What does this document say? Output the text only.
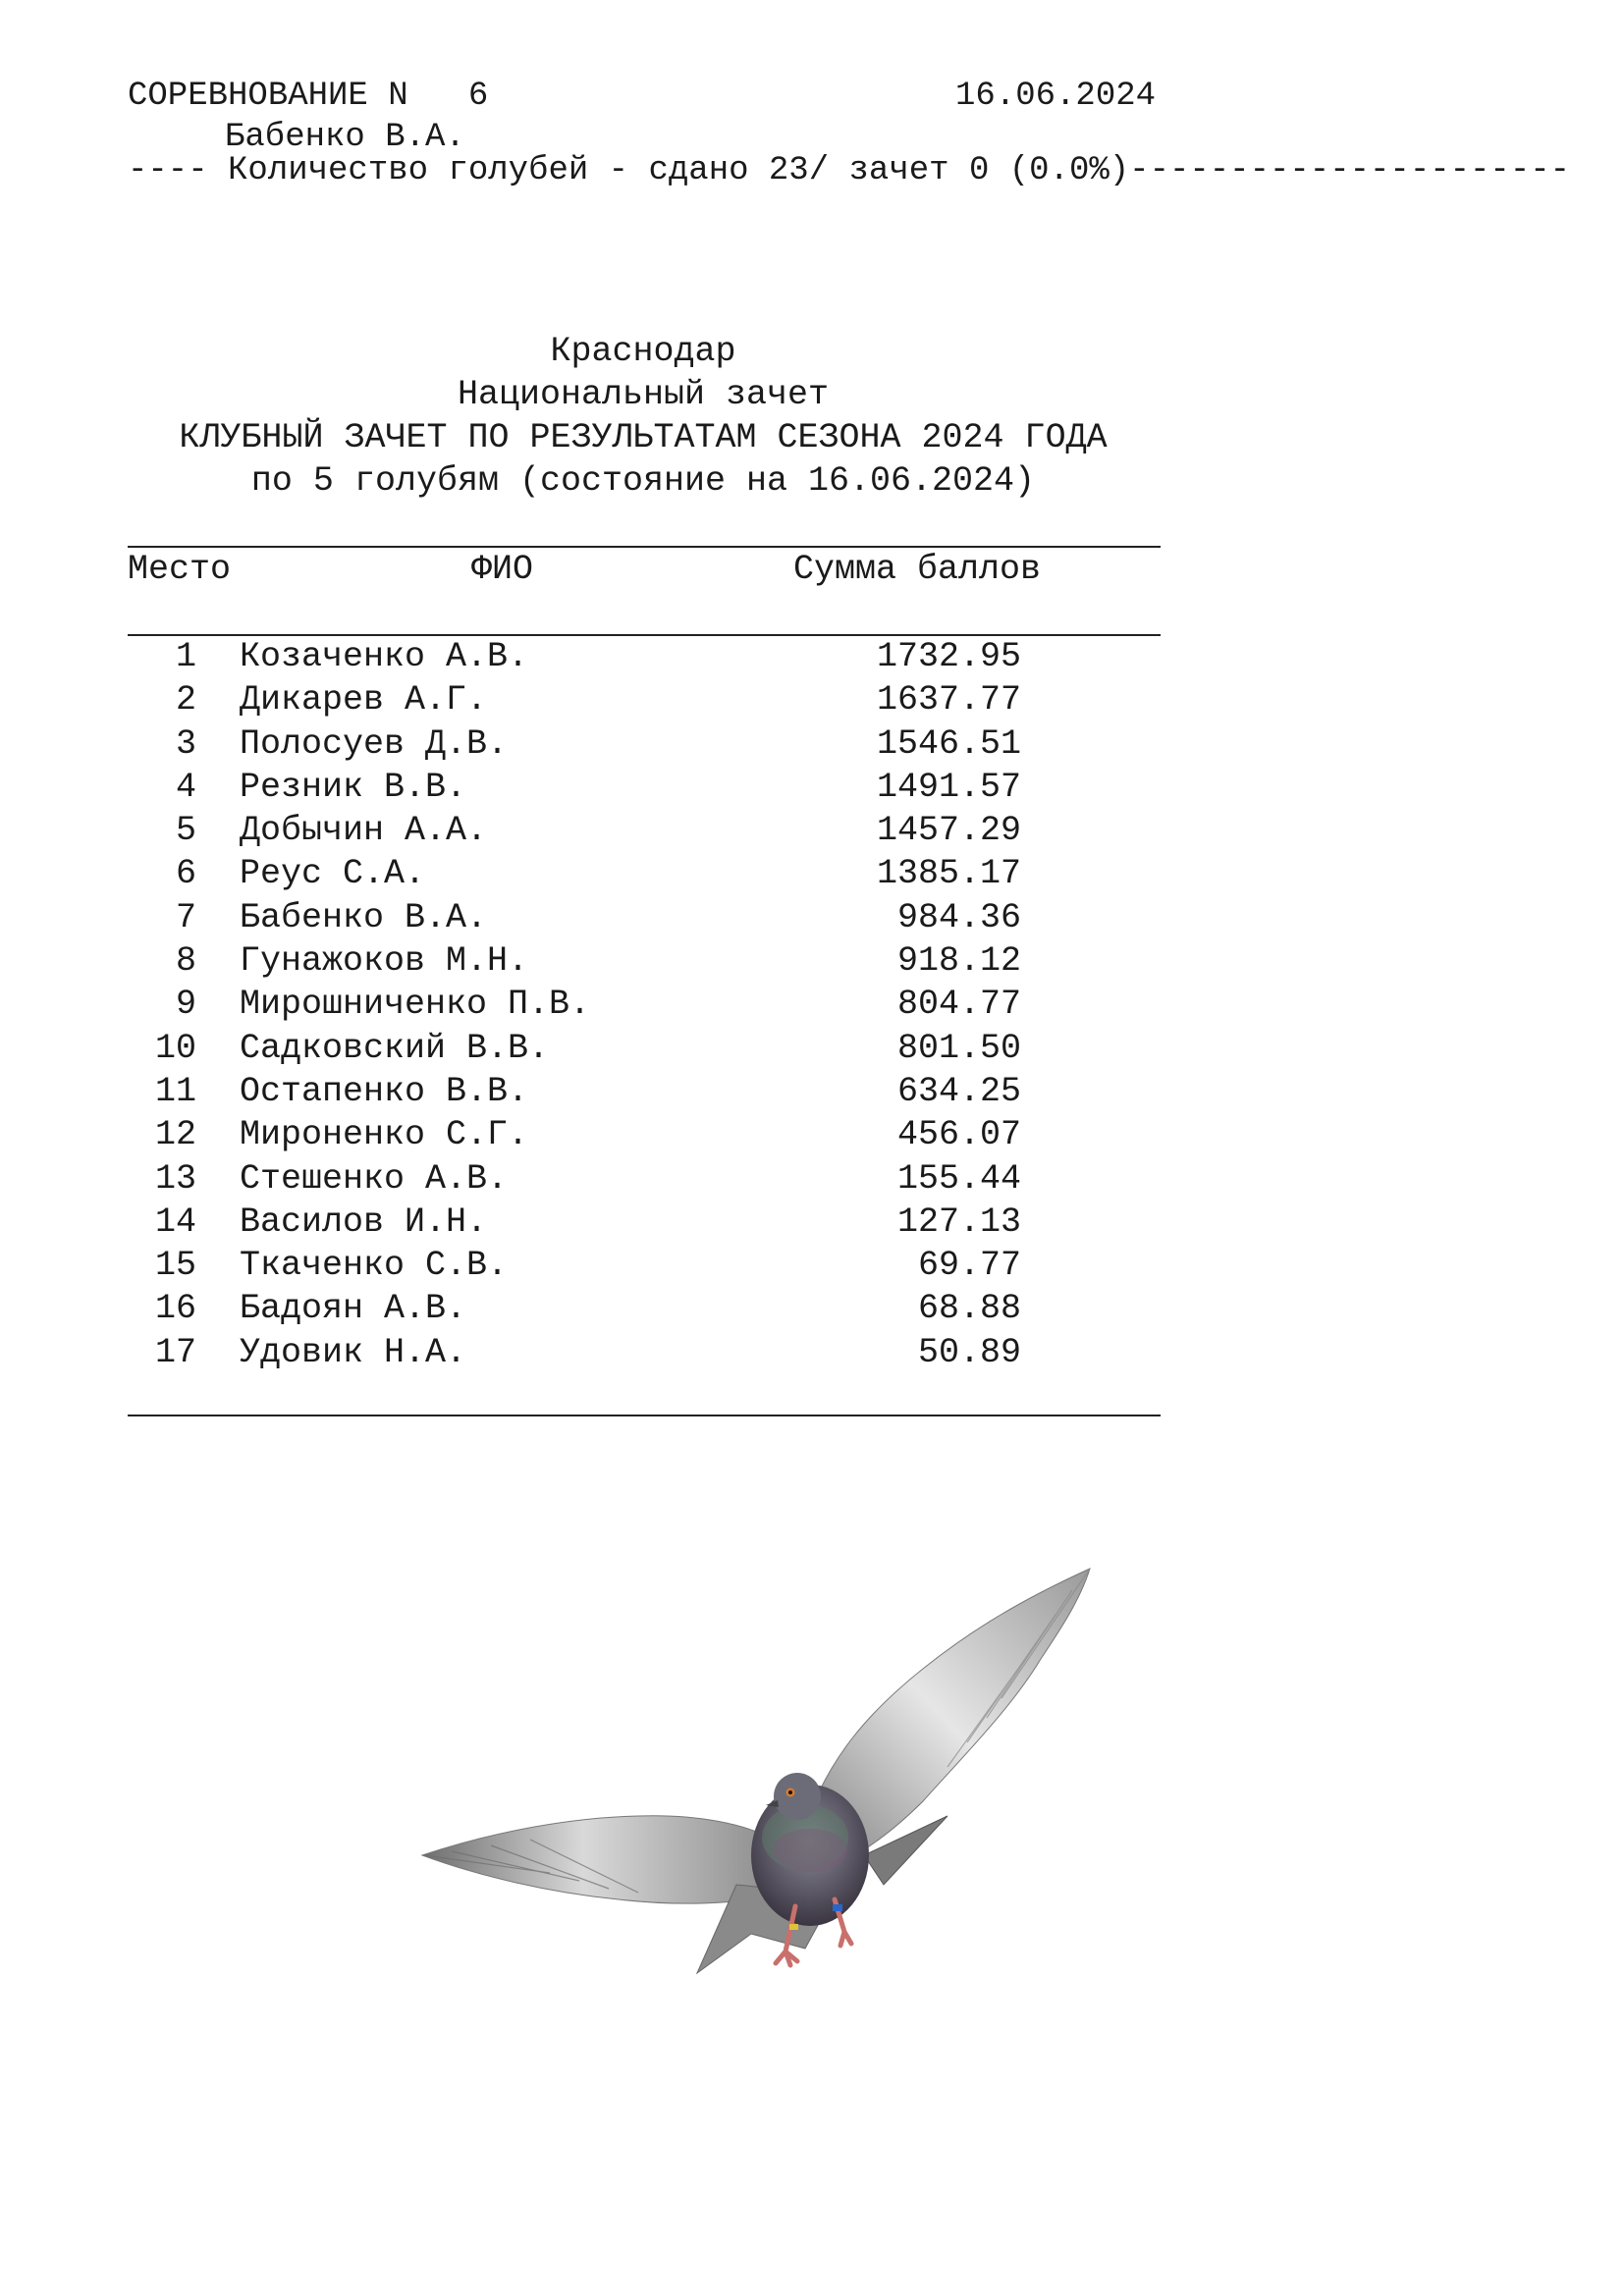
СОРЕВНОВАНИЕ N   6	16.06.2024
Бабенко В.А.
---- Количество голубей - сдано 23/ зачет 0 (0.0%)----------------------
Краснодар
Национальный зачет
КЛУБНЫЙ ЗАЧЕТ ПО РЕЗУЛЬТАТАМ СЕЗОНА 2024 ГОДА
по 5 голубям (состояние на 16.06.2024)
Место	ФИО	Сумма баллов
1 Козаченко А.В.	1732.95
2 Дикарев А.Г.	1637.77
3 Полосуев Д.В.	1546.51
4 Резник В.В.	1491.57
5 Добычин А.А.	1457.29
6 Реус С.А.	1385.17
7 Бабенко В.А.	984.36
8 Гунажоков М.Н.	918.12
9 Мирошниченко П.В.	804.77
10 Садковский В.В.	801.50
11 Остапенко В.В.	634.25
12 Мироненко С.Г.	456.07
13 Стешенко А.В.	155.44
14 Василов И.Н.	127.13
15 Ткаченко С.В.	69.77
16 Бадоян А.В.	68.88
17 Удовик Н.А.	50.89
